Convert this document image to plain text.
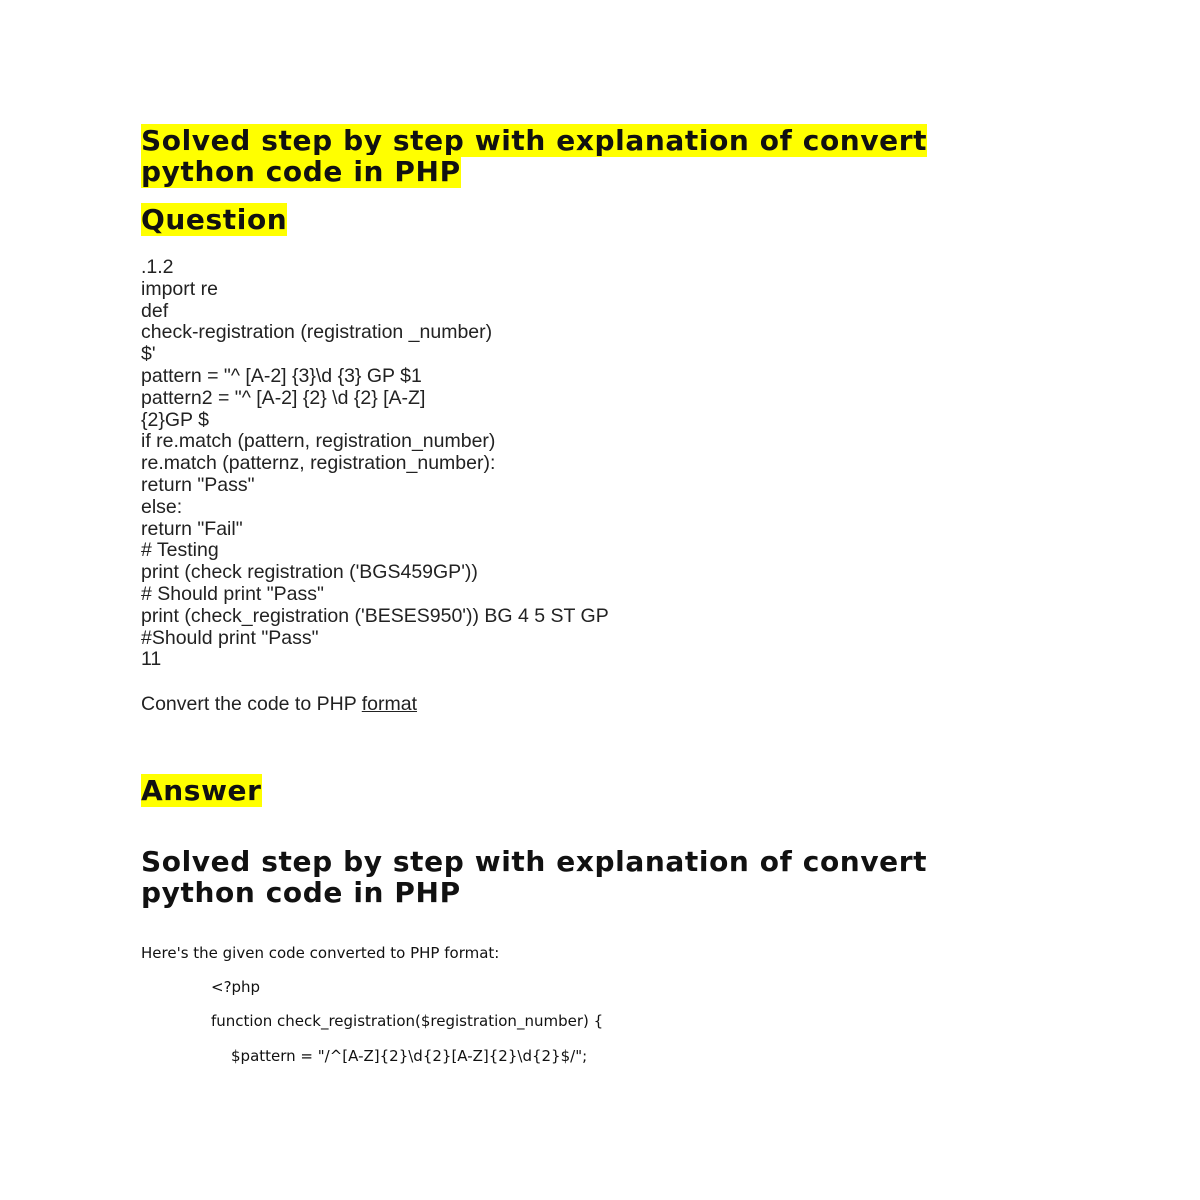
Solved step by step with explanation of convert python code in PHP
Question
.1.2
import re
def
check-registration (registration _number)
$'
pattern = "^ [A-2] {3}\d {3} GP $1
pattern2 = "^ [A-2] {2} \d {2} [A-Z]
{2}GP $
if re.match (pattern, registration_number)
re.match (patternz, registration_number):
return "Pass"
else:
return "Fail"
# Testing
print (check registration ('BGS459GP'))
# Should print "Pass"
print (check_registration ('BESES950')) BG 4 5 ST GP
#Should print "Pass"
11
Convert the code to PHP format
Answer
Solved step by step with explanation of convert python code in PHP

Here's the given code converted to PHP format:

<?php
function check_registration($registration_number) {
$pattern = "/^[A-Z]{2}\d{2}[A-Z]{2}\d{2}$/";
